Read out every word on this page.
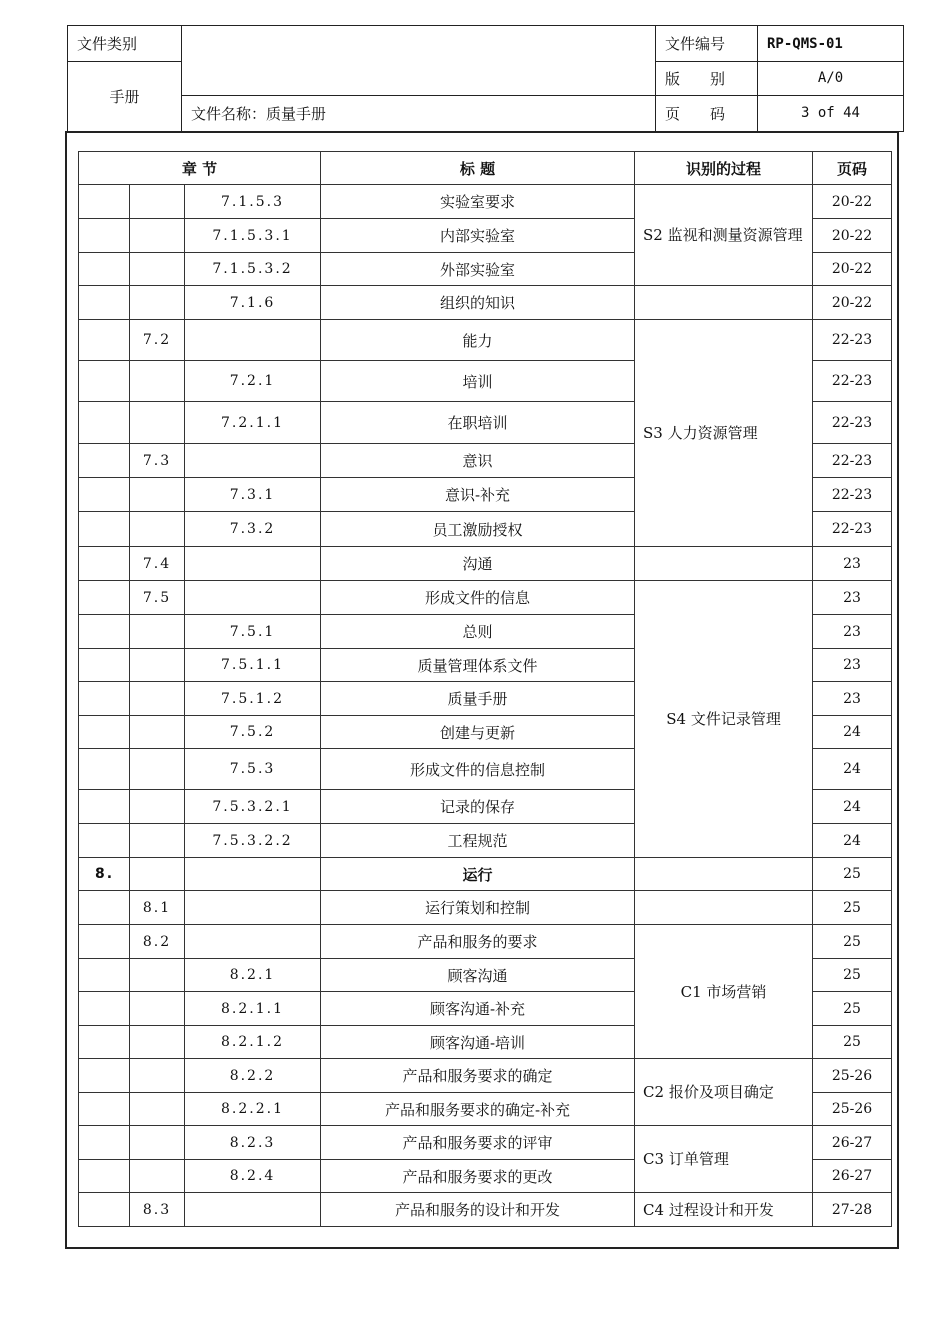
文件类别		文件编号	RP-QMS-01
手册		版　　别	A/0
	文件名称：质量手册	页　　码	3 of 44
章 节			标 题	识别的过程	页码
		7.1.5.3	实验室要求	S2 监视和测量资源管理	20-22
		7.1.5.3.1	内部实验室		20-22
		7.1.5.3.2	外部实验室		20-22
		7.1.6	组织的知识		20-22
	7.2		能力	S3 人力资源管理	22-23
		7.2.1	培训		22-23
		7.2.1.1	在职培训		22-23
	7.3		意识		22-23
		7.3.1	意识-补充		22-23
		7.3.2	员工激励授权		22-23
	7.4		沟通		23
	7.5		形成文件的信息	S4 文件记录管理	23
		7.5.1	总则		23
		7.5.1.1	质量管理体系文件		23
		7.5.1.2	质量手册		23
		7.5.2	创建与更新		24
		7.5.3	形成文件的信息控制		24
		7.5.3.2.1	记录的保存		24
		7.5.3.2.2	工程规范		24
8.			运行		25
	8.1		运行策划和控制		25
	8.2		产品和服务的要求	C1 市场营销	25
		8.2.1	顾客沟通		25
		8.2.1.1	顾客沟通-补充		25
		8.2.1.2	顾客沟通-培训		25
		8.2.2	产品和服务要求的确定	C2 报价及项目确定	25-26
		8.2.2.1	产品和服务要求的确定-补充		25-26
		8.2.3	产品和服务要求的评审	C3 订单管理	26-27
		8.2.4	产品和服务要求的更改		26-27
	8.3		产品和服务的设计和开发	C4 过程设计和开发	27-28
